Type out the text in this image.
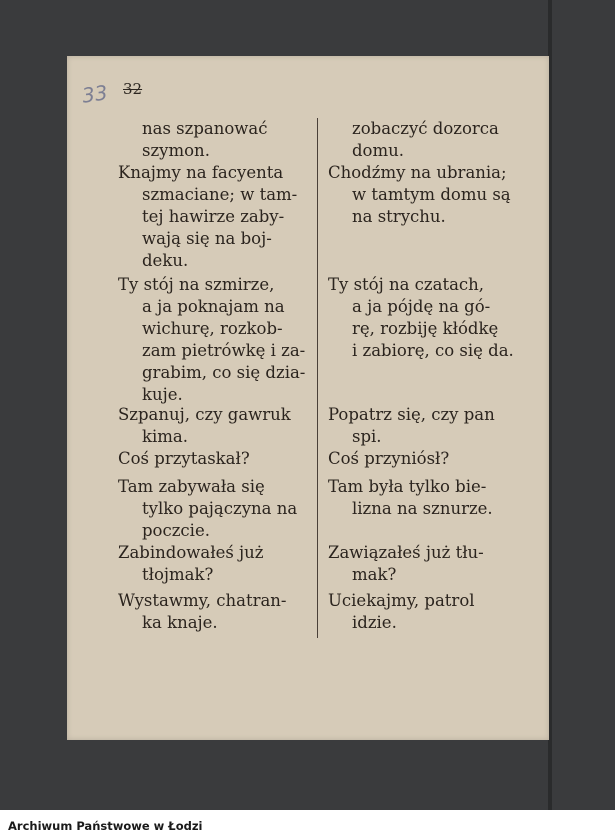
33 32
nas szpanować
szymon.
Knajmy na facyenta
szmaciane; w tam-
tej hawirze zaby-
wają się na boj-
deku.
Ty stój na szmirze,
a ja poknajam na
wichurę, rozkob-
zam pietrówkę i za-
grabim, co się dzia-
kuje.
Szpanuj, czy gawruk
kima.
Coś przytaskał?
Tam zabywała się
tylko pajączyna na
poczcie.
Zabindowałeś już
tłojmak?
Wystawmy, chatran-
ka knaje.
zobaczyć dozorca
domu.
Chodźmy na ubrania;
w tamtym domu są
na strychu.
Ty stój na czatach,
a ja pójdę na gó-
rę, rozbiję kłódkę
i zabiorę, co się da.
Popatrz się, czy pan
spi.
Coś przyniósł?
Tam była tylko bie-
lizna na sznurze.
Zawiązałeś już tłu-
mak?
Uciekajmy, patrol
idzie.
Archiwum Państwowe w Łodzi
